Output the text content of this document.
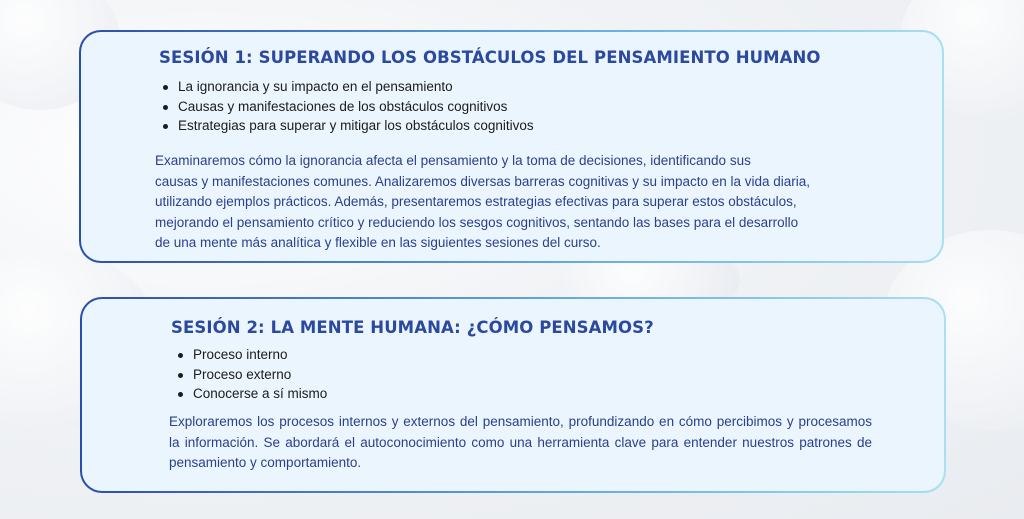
SESIÓN 1: SUPERANDO LOS OBSTÁCULOS DEL PENSAMIENTO HUMANO
La ignorancia y su impacto en el pensamiento
Causas y manifestaciones de los obstáculos cognitivos
Estrategias para superar y mitigar los obstáculos cognitivos

Examinaremos cómo la ignorancia afecta el pensamiento y la toma de decisiones, identificando sus
causas y manifestaciones comunes. Analizaremos diversas barreras cognitivas y su impacto en la vida diaria,
utilizando ejemplos prácticos. Además, presentaremos estrategias efectivas para superar estos obstáculos,
mejorando el pensamiento crítico y reduciendo los sesgos cognitivos, sentando las bases para el desarrollo
de una mente más analítica y flexible en las siguientes sesiones del curso.

SESIÓN 2: LA MENTE HUMANA: ¿CÓMO PENSAMOS?
Proceso interno
Proceso externo
Conocerse a sí mismo

Exploraremos los procesos internos y externos del pensamiento, profundizando en cómo percibimos y procesamos la información. Se abordará el autoconocimiento como una herramienta clave para entender nuestros patrones de pensamiento y comportamiento.
